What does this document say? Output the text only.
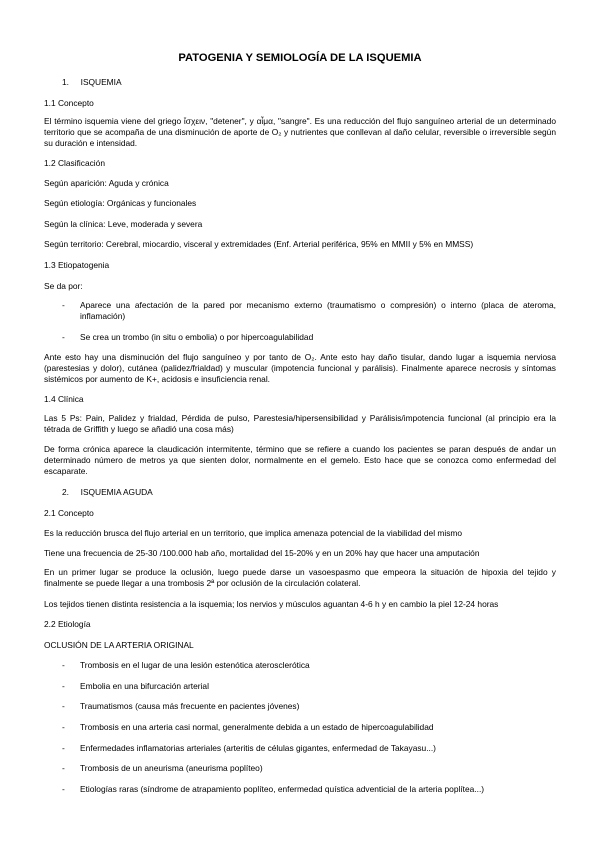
PATOGENIA Y SEMIOLOGÍA DE LA ISQUEMIA

1.     ISQUEMIA

1.1 Concepto

El término isquemia viene del griego ἴσχειν, "detener", y αἷμα, "sangre". Es una reducción del flujo sanguíneo arterial de un determinado territorio que se acompaña de una disminución de aporte de O₂ y nutrientes que conllevan al daño celular, reversible o irreversible según su duración e intensidad.

1.2 Clasificación

Según aparición: Aguda y crónica

Según etiología: Orgánicas y funcionales

Según la clínica: Leve, moderada y severa

Según territorio: Cerebral, miocardio, visceral y extremidades (Enf. Arterial periférica, 95% en MMII y 5% en MMSS)

1.3 Etiopatogenia

Se da por:

- Aparece una afectación de la pared por mecanismo externo (traumatismo o compresión) o interno (placa de ateroma, inflamación)
- Se crea un trombo (in situ o embolia) o por hipercoagulabilidad

Ante esto hay una disminución del flujo sanguíneo y por tanto de O₂. Ante esto hay daño tisular, dando lugar a isquemia nerviosa (parestesias y dolor), cutánea (palidez/frialdad) y muscular (impotencia funcional y parálisis). Finalmente aparece necrosis y síntomas sistémicos por aumento de K+, acidosis e insuficiencia renal.

1.4 Clínica

Las 5 Ps: Pain, Palidez y frialdad, Pérdida de pulso, Parestesia/hipersensibilidad y Parálisis/impotencia funcional (al principio era la tétrada de Griffith y luego se añadió una cosa más)

De forma crónica aparece la claudicación intermitente, término que se refiere a cuando los pacientes se paran después de andar un determinado número de metros ya que sienten dolor, normalmente en el gemelo. Esto hace que se conozca como enfermedad del escaparate.

2.     ISQUEMIA AGUDA

2.1 Concepto

Es la reducción brusca del flujo arterial en un territorio, que implica amenaza potencial de la viabilidad del mismo

Tiene una frecuencia de 25-30 /100.000 hab año, mortalidad del 15-20% y en un 20% hay que hacer una amputación

En un primer lugar se produce la oclusión, luego puede darse un vasoespasmo que empeora la situación de hipoxia del tejido y finalmente se puede llegar a una trombosis 2ª por oclusión de la circulación colateral.

Los tejidos tienen distinta resistencia a la isquemia; los nervios y músculos aguantan 4-6 h y en cambio la piel 12-24 horas

2.2 Etiología

OCLUSIÓN DE LA ARTERIA ORIGINAL

- Trombosis en el lugar de una lesión estenótica aterosclerótica
- Embolia en una bifurcación arterial
- Traumatismos (causa más frecuente en pacientes jóvenes)
- Trombosis en una arteria casi normal, generalmente debida a un estado de hipercoagulabilidad
- Enfermedades inflamatorias arteriales (arteritis de células gigantes, enfermedad de Takayasu...)
- Trombosis de un aneurisma (aneurisma poplíteo)
- Etiologías raras (síndrome de atrapamiento poplíteo, enfermedad quística adventicial de la arteria poplítea...)
